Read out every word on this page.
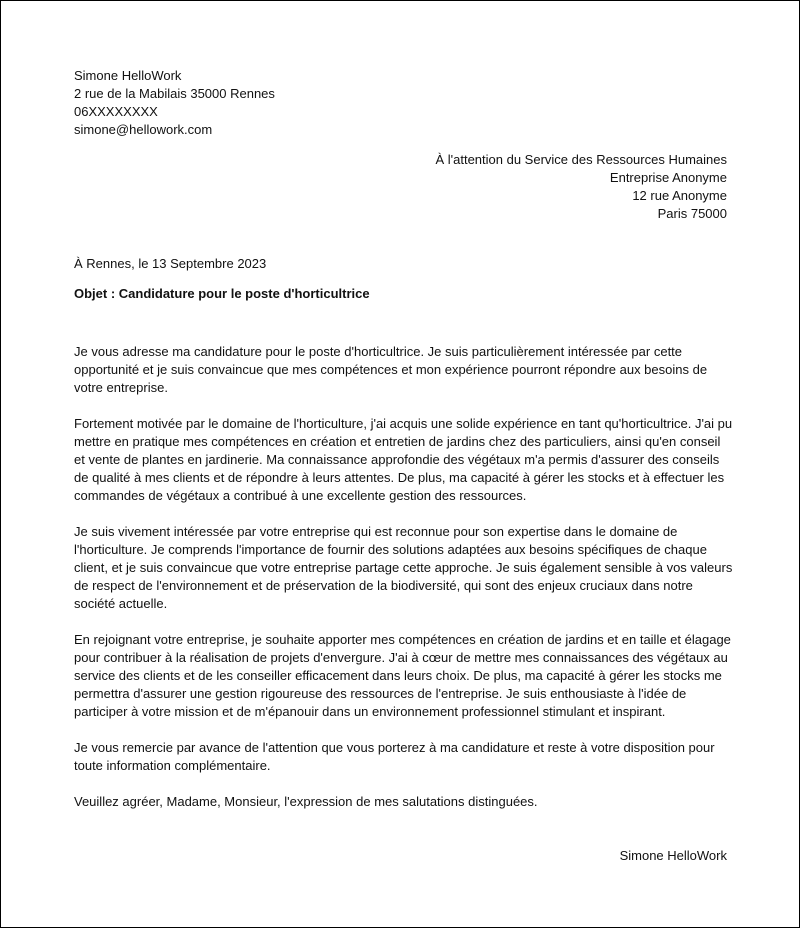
Simone HelloWork
2 rue de la Mabilais 35000 Rennes
06XXXXXXXX
simone@hellowork.com
À l'attention du Service des Ressources Humaines
Entreprise Anonyme
12 rue Anonyme
Paris 75000
À Rennes, le 13 Septembre 2023
Objet : Candidature pour le poste d'horticultrice

Je vous adresse ma candidature pour le poste d'horticultrice. Je suis particulièrement intéressée par cette opportunité et je suis convaincue que mes compétences et mon expérience pourront répondre aux besoins de votre entreprise.

Fortement motivée par le domaine de l'horticulture, j'ai acquis une solide expérience en tant qu'horticultrice. J'ai pu mettre en pratique mes compétences en création et entretien de jardins chez des particuliers, ainsi qu'en conseil et vente de plantes en jardinerie. Ma connaissance approfondie des végétaux m'a permis d'assurer des conseils de qualité à mes clients et de répondre à leurs attentes. De plus, ma capacité à gérer les stocks et à effectuer les commandes de végétaux a contribué à une excellente gestion des ressources.

Je suis vivement intéressée par votre entreprise qui est reconnue pour son expertise dans le domaine de l'horticulture. Je comprends l'importance de fournir des solutions adaptées aux besoins spécifiques de chaque client, et je suis convaincue que votre entreprise partage cette approche. Je suis également sensible à vos valeurs de respect de l'environnement et de préservation de la biodiversité, qui sont des enjeux cruciaux dans notre société actuelle.

En rejoignant votre entreprise, je souhaite apporter mes compétences en création de jardins et en taille et élagage pour contribuer à la réalisation de projets d'envergure. J'ai à cœur de mettre mes connaissances des végétaux au service des clients et de les conseiller efficacement dans leurs choix. De plus, ma capacité à gérer les stocks me permettra d'assurer une gestion rigoureuse des ressources de l'entreprise. Je suis enthousiaste à l'idée de participer à votre mission et de m'épanouir dans un environnement professionnel stimulant et inspirant.

Je vous remercie par avance de l'attention que vous porterez à ma candidature et reste à votre disposition pour toute information complémentaire.

Veuillez agréer, Madame, Monsieur, l'expression de mes salutations distinguées.

Simone HelloWork
